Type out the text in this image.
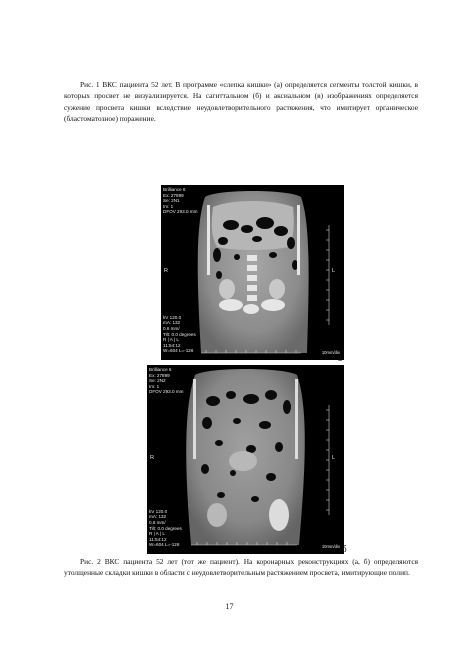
Рис. 1 ВКС пациента 52 лет. В программе «слепка кишки» (а) определяется сегменты толстой кишки, в которых просвет не визуализируется. На сагиттальном (б) и аксиальном (в) изображениях определяется сужение просвета кишки вследствие неудовлетворительного растяжения, что имитирует органическое (бластоматозное) поражение.

Brilliance 6
Ex: 27899
Se: 2N1
Im: 1
DFOV 293.0 mm
kV 120.0
mA: 132
0.6 mm/
Tilt: 0.0 degrees
R | A | L
11:54:12
W=604 L=-126
R	L
10mm/div
а
Brilliance 6
Ex: 27899
Se: 2N2
Im: 1
DFOV 293.0 mm
kV 120.0
mA: 132
0.6 mm/
Tilt: 0.0 degrees
R | A | L
11:54:12
W=604 L=-126
R	L
10mm/div б

Рис. 2 ВКС пациента 52 лет (тот же пациент). На коронарных реконструкциях (а, б) определяются утолщенные складки кишки в области с неудовлетворительным растяжением просвета, имитирующие полип.

17
